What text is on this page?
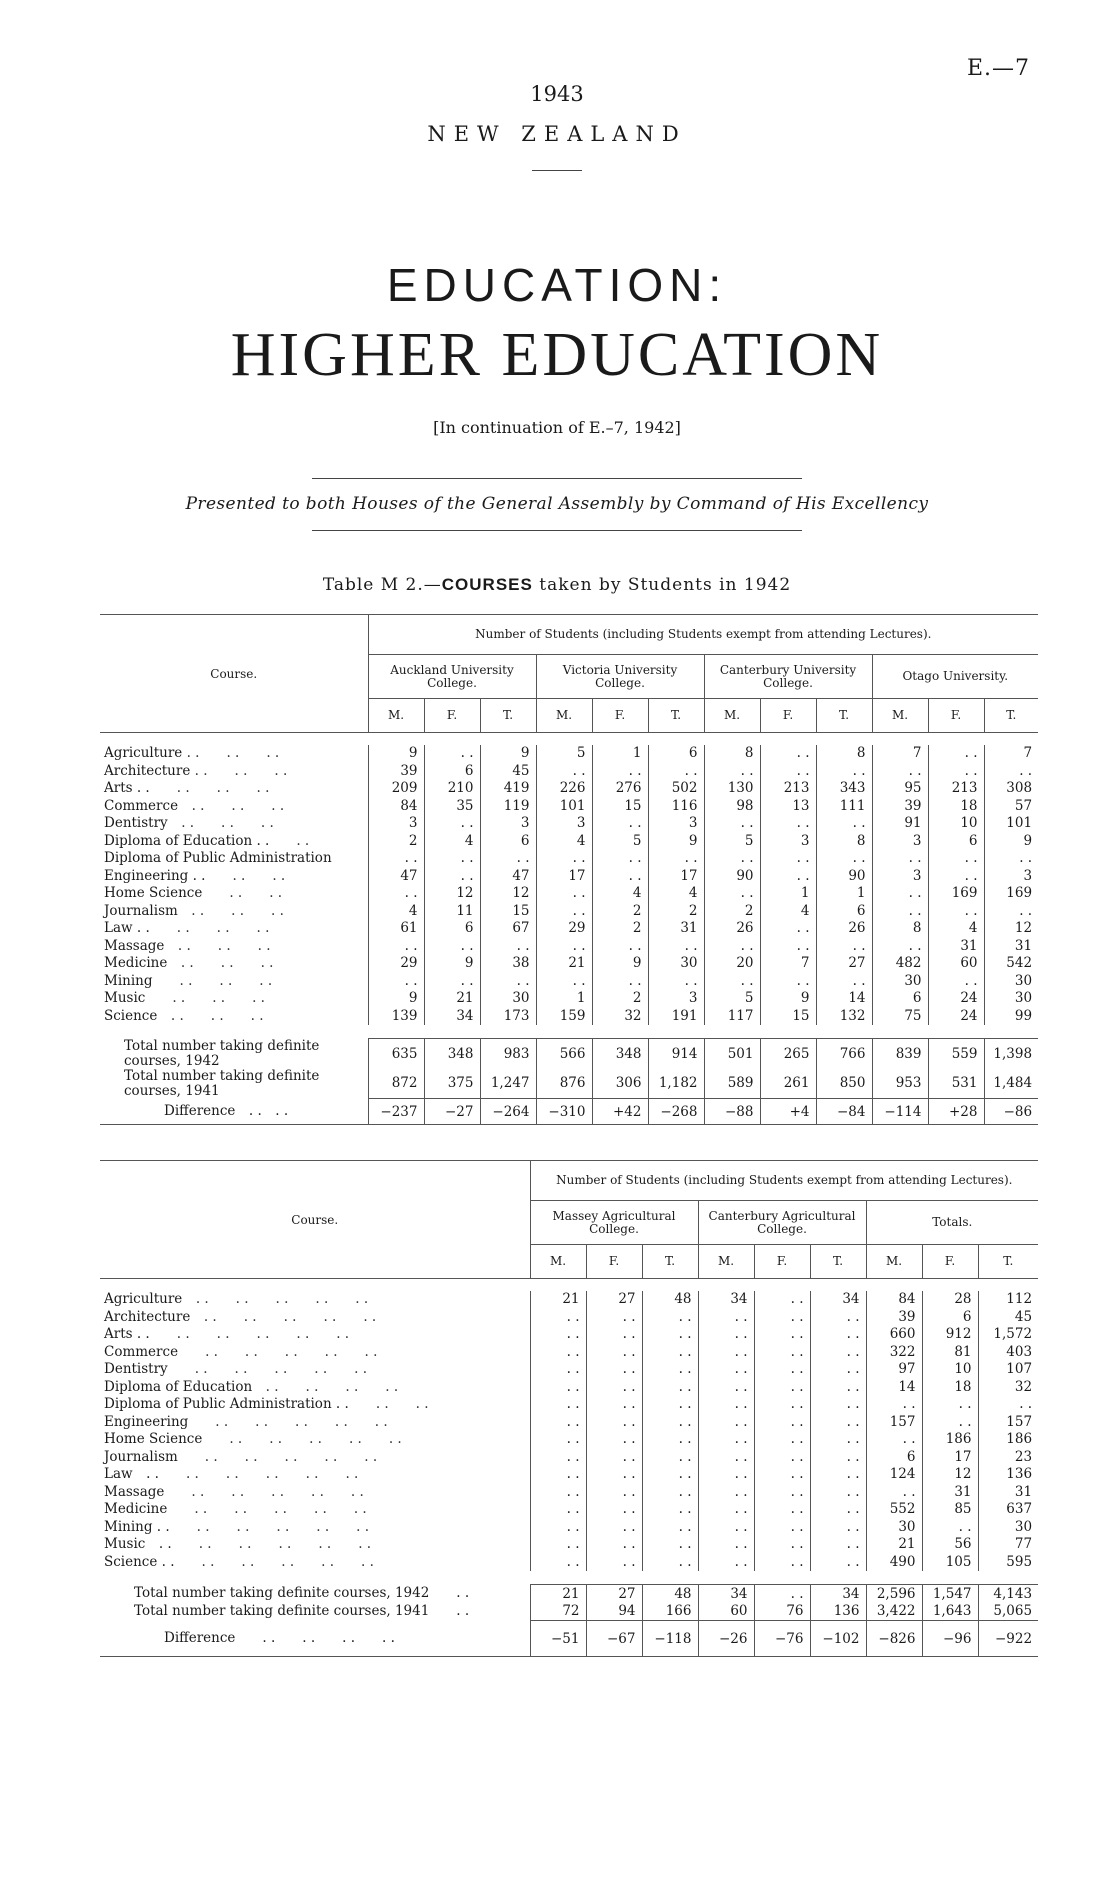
E.—7
1943
NEW ZEALAND
EDUCATION:
HIGHER EDUCATION
[In continuation of E.–7, 1942]
Presented to both Houses of the General Assembly by Command of His Excellency
Table M 2.—COURSES taken by Students in 1942
Course.	Number of Students (including Students exempt from attending Lectures).											
	Auckland University College.			Victoria University College.			Canterbury University College.			Otago University.		
	M.	F.	T.	M.	F.	T.	M.	F.	T.	M.	F.	T.

Agriculture . .  . .  . .	9	. .	9	5	1	6	8	. .	8	7	. .	7
Architecture . .  . .  . .	39	6	45	. .	. .	. .	. .	. .	. .	. .	. .	. .
Arts . .  . .  . .  . .	209	210	419	226	276	502	130	213	343	95	213	308
Commerce . .  . .  . .	84	35	119	101	15	116	98	13	111	39	18	57
Dentistry . .  . .  . .	3	. .	3	3	. .	3	. .	. .	. .	91	10	101
Diploma of Education . .  . .	2	4	6	4	5	9	5	3	8	3	6	9
Diploma of Public Administration	. .	. .	. .	. .	. .	. .	. .	. .	. .	. .	. .	. .
Engineering . .  . .  . .	47	. .	47	17	. .	17	90	. .	90	3	. .	3
Home Science  . .  . .	. .	12	12	. .	4	4	. .	1	1	. .	169	169
Journalism . .  . .  . .	4	11	15	. .	2	2	2	4	6	. .	. .	. .
Law . .  . .  . .  . .	61	6	67	29	2	31	26	. .	26	8	4	12
Massage . .  . .  . .	. .	. .	. .	. .	. .	. .	. .	. .	. .	. .	31	31
Medicine . .  . .  . .	29	9	38	21	9	30	20	7	27	482	60	542
Mining  . .  . .  . .	. .	. .	. .	. .	. .	. .	. .	. .	. .	30	. .	30
Music  . .  . .  . .	9	21	30	1	2	3	5	9	14	6	24	30
Science . .  . .  . .	139	34	173	159	32	191	117	15	132	75	24	99

Total number taking definite courses, 1942	635	348	983	566	348	914	501	265	766	839	559	1,398
Total number taking definite courses, 1941	872	375	1,247	876	306	1,182	589	261	850	953	531	1,484
Difference . . . .	−237	−27	−264	−310	+42	−268	−88	+4	−84	−114	+28	−86
Course.	Number of Students (including Students exempt from attending Lectures).								
	Massey Agricultural College.			Canterbury Agricultural College.			Totals.		
	M.	F.	T.	M.	F.	T.	M.	F.	T.

Agriculture . .  . .  . .  . .  . .	21	27	48	34	. .	34	84	28	112
Architecture . .  . .  . .  . .  . .	. .	. .	. .	. .	. .	. .	39	6	45
Arts . .  . .  . .  . .  . .  . .	. .	. .	. .	. .	. .	. .	660	912	1,572
Commerce  . .  . .  . .  . .  . .	. .	. .	. .	. .	. .	. .	322	81	403
Dentistry  . .  . .  . .  . .  . .	. .	. .	. .	. .	. .	. .	97	10	107
Diploma of Education . .  . .  . .  . .	. .	. .	. .	. .	. .	. .	14	18	32
Diploma of Public Administration . .  . .  . .	. .	. .	. .	. .	. .	. .	. .	. .	. .
Engineering  . .  . .  . .  . .  . .	. .	. .	. .	. .	. .	. .	157	. .	157
Home Science  . .  . .  . .  . .  . .	. .	. .	. .	. .	. .	. .	. .	186	186
Journalism  . .  . .  . .  . .  . .	. .	. .	. .	. .	. .	. .	6	17	23
Law . .  . .  . .  . .  . .  . .	. .	. .	. .	. .	. .	. .	124	12	136
Massage  . .  . .  . .  . .  . .	. .	. .	. .	. .	. .	. .	. .	31	31
Medicine  . .  . .  . .  . .  . .	. .	. .	. .	. .	. .	. .	552	85	637
Mining . .  . .  . .  . .  . .  . .	. .	. .	. .	. .	. .	. .	30	. .	30
Music . .  . .  . .  . .  . .  . .	. .	. .	. .	. .	. .	. .	21	56	77
Science . .  . .  . .  . .  . .  . .	. .	. .	. .	. .	. .	. .	490	105	595

Total number taking definite courses, 1942  . .	21	27	48	34	. .	34	2,596	1,547	4,143
Total number taking definite courses, 1941  . .	72	94	166	60	76	136	3,422	1,643	5,065
Difference  . .  . .  . .  . .	−51	−67	−118	−26	−76	−102	−826	−96	−922
